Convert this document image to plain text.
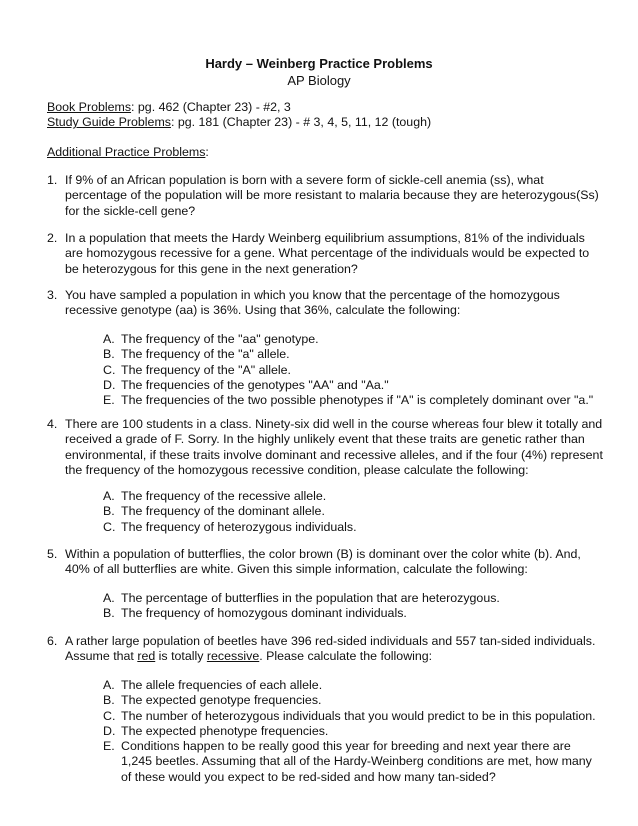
Hardy – Weinberg Practice Problems
AP Biology
Book Problems: pg. 462 (Chapter 23) - #2, 3
Study Guide Problems: pg. 181 (Chapter 23) - # 3, 4, 5, 11, 12 (tough)
Additional Practice Problems:
1. If 9% of an African population is born with a severe form of sickle-cell anemia (ss), what
percentage of the population will be more resistant to malaria because they are heterozygous(Ss)
for the sickle-cell gene?
2. In a population that meets the Hardy Weinberg equilibrium assumptions, 81% of the individuals
are homozygous recessive for a gene. What percentage of the individuals would be expected to
be heterozygous for this gene in the next generation?
3. You have sampled a population in which you know that the percentage of the homozygous
recessive genotype (aa) is 36%. Using that 36%, calculate the following:
A. The frequency of the "aa" genotype.
B. The frequency of the "a" allele.
C. The frequency of the "A" allele.
D. The frequencies of the genotypes "AA" and "Aa."
E. The frequencies of the two possible phenotypes if "A" is completely dominant over "a."
4. There are 100 students in a class. Ninety-six did well in the course whereas four blew it totally and
received a grade of F. Sorry. In the highly unlikely event that these traits are genetic rather than
environmental, if these traits involve dominant and recessive alleles, and if the four (4%) represent
the frequency of the homozygous recessive condition, please calculate the following:
A. The frequency of the recessive allele.
B. The frequency of the dominant allele.
C. The frequency of heterozygous individuals.
5. Within a population of butterflies, the color brown (B) is dominant over the color white (b). And,
40% of all butterflies are white. Given this simple information, calculate the following:
A. The percentage of butterflies in the population that are heterozygous.
B. The frequency of homozygous dominant individuals.
6. A rather large population of beetles have 396 red-sided individuals and 557 tan-sided individuals.
Assume that red is totally recessive. Please calculate the following:
A. The allele frequencies of each allele.
B. The expected genotype frequencies.
C. The number of heterozygous individuals that you would predict to be in this population.
D. The expected phenotype frequencies.
E. Conditions happen to be really good this year for breeding and next year there are
1,245 beetles. Assuming that all of the Hardy-Weinberg conditions are met, how many
of these would you expect to be red-sided and how many tan-sided?
